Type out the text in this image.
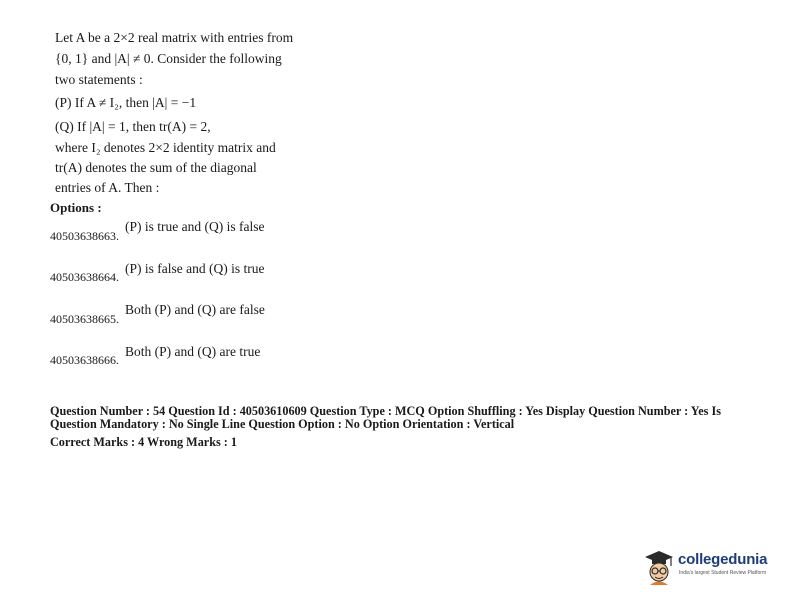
Let A be a 2×2 real matrix with entries from
{0, 1} and |A| ≠ 0. Consider the following
two statements :
(P) If A ≠ I₂, then |A| = −1
(Q) If |A| = 1, then tr(A) = 2,
where I₂ denotes 2×2 identity matrix and
tr(A) denotes the sum of the diagonal
entries of A. Then :
Options :
40503638663.
(P) is true and (Q) is false
40503638664.
(P) is false and (Q) is true
40503638665.
Both (P) and (Q) are false
40503638666.
Both (P) and (Q) are true
Question Number : 54 Question Id : 40503610609 Question Type : MCQ Option Shuffling : Yes Display Question Number : Yes Is
Question Mandatory : No Single Line Question Option : No Option Orientation : Vertical
Correct Marks : 4 Wrong Marks : 1
collegedunia
India's largest Student Review Platform
